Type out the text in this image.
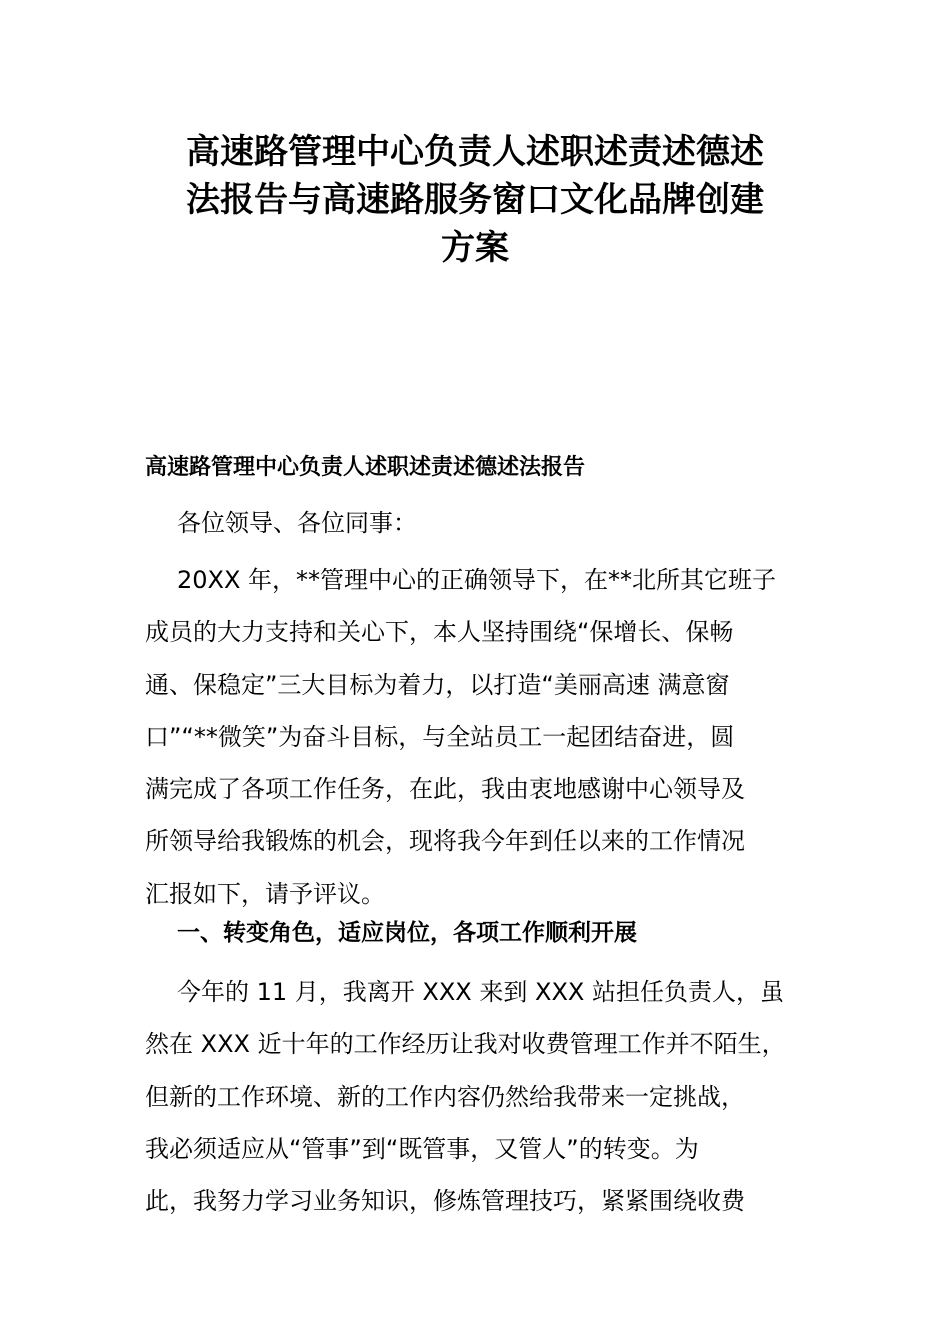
高速路管理中心负责人述职述责述德述
法报告与高速路服务窗口文化品牌创建
方案
高速路管理中心负责人述职述责述德述法报告

各位领导、各位同事：

20XX 年，**管理中心的正确领导下，在**北所其它班子
成员的大力支持和关心下，本人坚持围绕“保增长、保畅
通、保稳定”三大目标为着力，以打造“美丽高速 满意窗
口”“**微笑”为奋斗目标，与全站员工一起团结奋进，圆
满完成了各项工作任务，在此，我由衷地感谢中心领导及
所领导给我锻炼的机会，现将我今年到任以来的工作情况
汇报如下，请予评议。
一、转变角色，适应岗位，各项工作顺利开展
今年的 11 月，我离开 XXX 来到 XXX 站担任负责人，虽
然在 XXX 近十年的工作经历让我对收费管理工作并不陌生，
但新的工作环境、新的工作内容仍然给我带来一定挑战，
我必须适应从“管事”到“既管事，又管人”的转变。为
此，我努力学习业务知识，修炼管理技巧，紧紧围绕收费
